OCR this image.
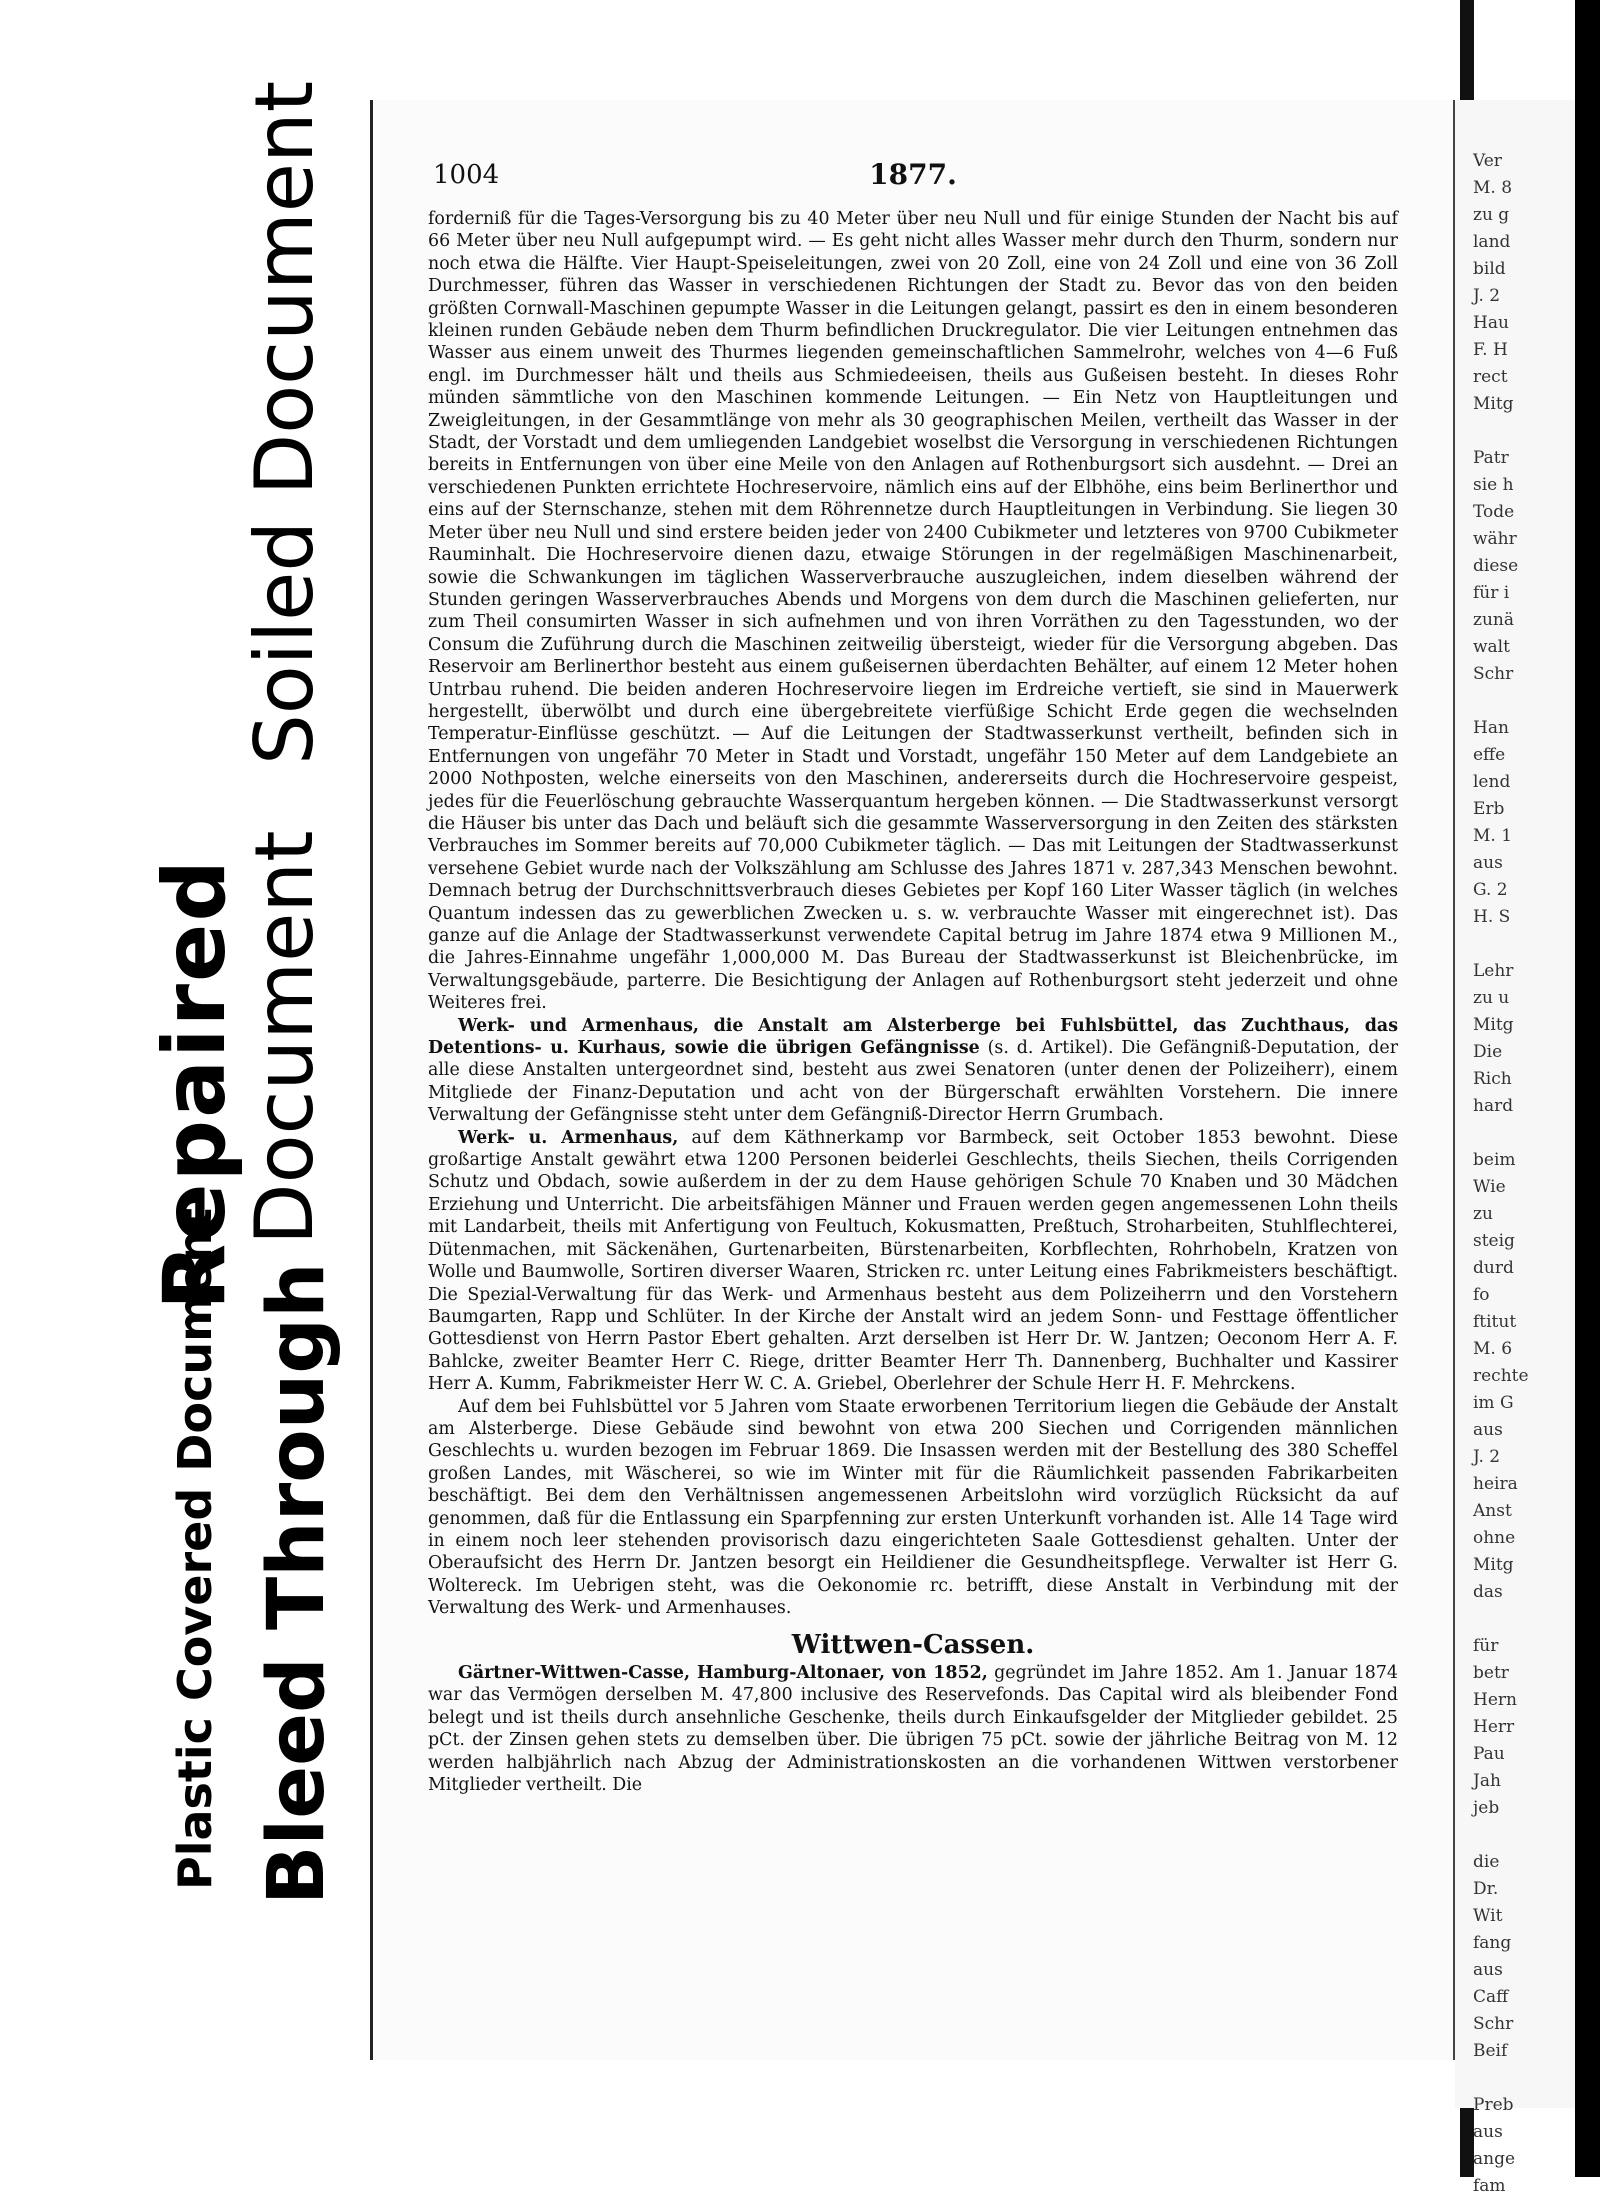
Plastic Covered Document Bleed Through
Repaired
Document
Soiled Document	1004	1877.

forderniß für die Tages-Versorgung bis zu 40 Meter über neu Null und für einige Stunden der Nacht bis auf 66 Meter über neu Null aufgepumpt wird. — Es geht nicht alles Wasser mehr durch den Thurm, sondern nur noch etwa die Hälfte. Vier Haupt-Speiseleitungen, zwei von 20 Zoll, eine von 24 Zoll und eine von 36 Zoll Durchmesser, führen das Wasser in verschiedenen Richtungen der Stadt zu. Bevor das von den beiden größten Cornwall-Maschinen gepumpte Wasser in die Leitungen gelangt, passirt es den in einem besonderen kleinen runden Gebäude neben dem Thurm befindlichen Druckregulator. Die vier Leitungen entnehmen das Wasser aus einem unweit des Thurmes liegenden gemeinschaftlichen Sammelrohr, welches von 4—6 Fuß engl. im Durchmesser hält und theils aus Schmiedeeisen, theils aus Gußeisen besteht. In dieses Rohr münden sämmtliche von den Maschinen kommende Leitungen. — Ein Netz von Hauptleitungen und Zweigleitungen, in der Gesammtlänge von mehr als 30 geographischen Meilen, vertheilt das Wasser in der Stadt, der Vorstadt und dem umliegenden Landgebiet woselbst die Versorgung in verschiedenen Richtungen bereits in Entfernungen von über eine Meile von den Anlagen auf Rothenburgsort sich ausdehnt. — Drei an verschiedenen Punkten errichtete Hochreservoire, nämlich eins auf der Elbhöhe, eins beim Berlinerthor und eins auf der Sternschanze, stehen mit dem Röhrennetze durch Hauptleitungen in Verbindung. Sie liegen 30 Meter über neu Null und sind erstere beiden jeder von 2400 Cubikmeter und letzteres von 9700 Cubikmeter Rauminhalt. Die Hochreservoire dienen dazu, etwaige Störungen in der regelmäßigen Maschinenarbeit, sowie die Schwankungen im täglichen Wasserverbrauche auszugleichen, indem dieselben während der Stunden geringen Wasserverbrauches Abends und Morgens von dem durch die Maschinen gelieferten, nur zum Theil consumirten Wasser in sich aufnehmen und von ihren Vorräthen zu den Tagesstunden, wo der Consum die Zuführung durch die Maschinen zeitweilig übersteigt, wieder für die Versorgung abgeben. Das Reservoir am Berlinerthor besteht aus einem gußeisernen überdachten Behälter, auf einem 12 Meter hohen Untrbau ruhend. Die beiden anderen Hochreservoire liegen im Erdreiche vertieft, sie sind in Mauerwerk hergestellt, überwölbt und durch eine übergebreitete vierfüßige Schicht Erde gegen die wechselnden Temperatur-Einflüsse geschützt. — Auf die Leitungen der Stadtwasserkunst vertheilt, befinden sich in Entfernungen von ungefähr 70 Meter in Stadt und Vorstadt, ungefähr 150 Meter auf dem Landgebiete an 2000 Nothposten, welche einerseits von den Maschinen, andererseits durch die Hochreservoire gespeist, jedes für die Feuerlöschung gebrauchte Wasserquantum hergeben können. — Die Stadtwasserkunst versorgt die Häuser bis unter das Dach und beläuft sich die gesammte Wasserversorgung in den Zeiten des stärksten Verbrauches im Sommer bereits auf 70,000 Cubikmeter täglich. — Das mit Leitungen der Stadtwasserkunst versehene Gebiet wurde nach der Volkszählung am Schlusse des Jahres 1871 v. 287,343 Menschen bewohnt. Demnach betrug der Durchschnittsverbrauch dieses Gebietes per Kopf 160 Liter Wasser täglich (in welches Quantum indessen das zu gewerblichen Zwecken u. s. w. verbrauchte Wasser mit eingerechnet ist). Das ganze auf die Anlage der Stadtwasserkunst verwendete Capital betrug im Jahre 1874 etwa 9 Millionen M., die Jahres-Einnahme ungefähr 1,000,000 M. Das Bureau der Stadtwasserkunst ist Bleichenbrücke, im Verwaltungsgebäude, parterre. Die Besichtigung der Anlagen auf Rothenburgsort steht jederzeit und ohne Weiteres frei.

Werk- und Armenhaus, die Anstalt am Alsterberge bei Fuhlsbüttel, das Zuchthaus, das Detentions- u. Kurhaus, sowie die übrigen Gefängnisse (s. d. Artikel). Die Gefängniß-Deputation, der alle diese Anstalten untergeordnet sind, besteht aus zwei Senatoren (unter denen der Polizeiherr), einem Mitgliede der Finanz-Deputation und acht von der Bürgerschaft erwählten Vorstehern. Die innere Verwaltung der Gefängnisse steht unter dem Gefängniß-Director Herrn Grumbach.

Werk- u. Armenhaus, auf dem Käthnerkamp vor Barmbeck, seit October 1853 bewohnt. Diese großartige Anstalt gewährt etwa 1200 Personen beiderlei Geschlechts, theils Siechen, theils Corrigenden Schutz und Obdach, sowie außerdem in der zu dem Hause gehörigen Schule 70 Knaben und 30 Mädchen Erziehung und Unterricht. Die arbeitsfähigen Männer und Frauen werden gegen angemessenen Lohn theils mit Landarbeit, theils mit Anfertigung von Feultuch, Kokusmatten, Preßtuch, Stroharbeiten, Stuhlflechterei, Dütenmachen, mit Säckenähen, Gurtenarbeiten, Bürstenarbeiten, Korbflechten, Rohrhobeln, Kratzen von Wolle und Baumwolle, Sortiren diverser Waaren, Stricken rc. unter Leitung eines Fabrikmeisters beschäftigt. Die Spezial-Verwaltung für das Werk- und Armenhaus besteht aus dem Polizeiherrn und den Vorstehern Baumgarten, Rapp und Schlüter. In der Kirche der Anstalt wird an jedem Sonn- und Festtage öffentlicher Gottesdienst von Herrn Pastor Ebert gehalten. Arzt derselben ist Herr Dr. W. Jantzen; Oeconom Herr A. F. Bahlcke, zweiter Beamter Herr C. Riege, dritter Beamter Herr Th. Dannenberg, Buchhalter und Kassirer Herr A. Kumm, Fabrikmeister Herr W. C. A. Griebel, Oberlehrer der Schule Herr H. F. Mehrckens.

Auf dem bei Fuhlsbüttel vor 5 Jahren vom Staate erworbenen Territorium liegen die Gebäude der Anstalt am Alsterberge. Diese Gebäude sind bewohnt von etwa 200 Siechen und Corrigenden männlichen Geschlechts u. wurden bezogen im Februar 1869. Die Insassen werden mit der Bestellung des 380 Scheffel großen Landes, mit Wäscherei, so wie im Winter mit für die Räumlichkeit passenden Fabrikarbeiten beschäftigt. Bei dem den Verhältnissen angemessenen Arbeitslohn wird vorzüglich Rücksicht da auf genommen, daß für die Entlassung ein Sparpfenning zur ersten Unterkunft vorhanden ist. Alle 14 Tage wird in einem noch leer stehenden provisorisch dazu eingerichteten Saale Gottesdienst gehalten. Unter der Oberaufsicht des Herrn Dr. Jantzen besorgt ein Heildiener die Gesundheitspflege. Verwalter ist Herr G. Woltereck. Im Uebrigen steht, was die Oekonomie rc. betrifft, diese Anstalt in Verbindung mit der Verwaltung des Werk- und Armenhauses.

Wittwen-Cassen.

Gärtner-Wittwen-Casse, Hamburg-Altonaer, von 1852, gegründet im Jahre 1852. Am 1. Januar 1874 war das Vermögen derselben M. 47,800 inclusive des Reservefonds. Das Capital wird als bleibender Fond belegt und ist theils durch ansehnliche Geschenke, theils durch Einkaufsgelder der Mitglieder gebildet. 25 pCt. der Zinsen gehen stets zu demselben über. Die übrigen 75 pCt. sowie der jährliche Beitrag von M. 12 werden halbjährlich nach Abzug der Administrationskosten an die vorhandenen Wittwen verstorbener Mitglieder vertheilt. Die

Ver
M. 8
zu g
land
bild
J. 2
Hau
F. H
rect
Mitg

Patr
sie h
Tode
währ
diese
für i
zunä
walt
Schr

Han
effe
lend
Erb
M. 1
aus
G. 2
H. S

Lehr
zu u
Mitg
Die
Rich
hard

beim
Wie
zu
steig
durd
fo
ftitut
M. 6
rechte
im G
aus
J. 2
heira
Anst
ohne
Mitg
das

für
betr
Hern
Herr
Pau
Jah
jeb

die
Dr.
Wit
fang
aus
Caff
Schr
Beif

Preb
aus
ange
fam
